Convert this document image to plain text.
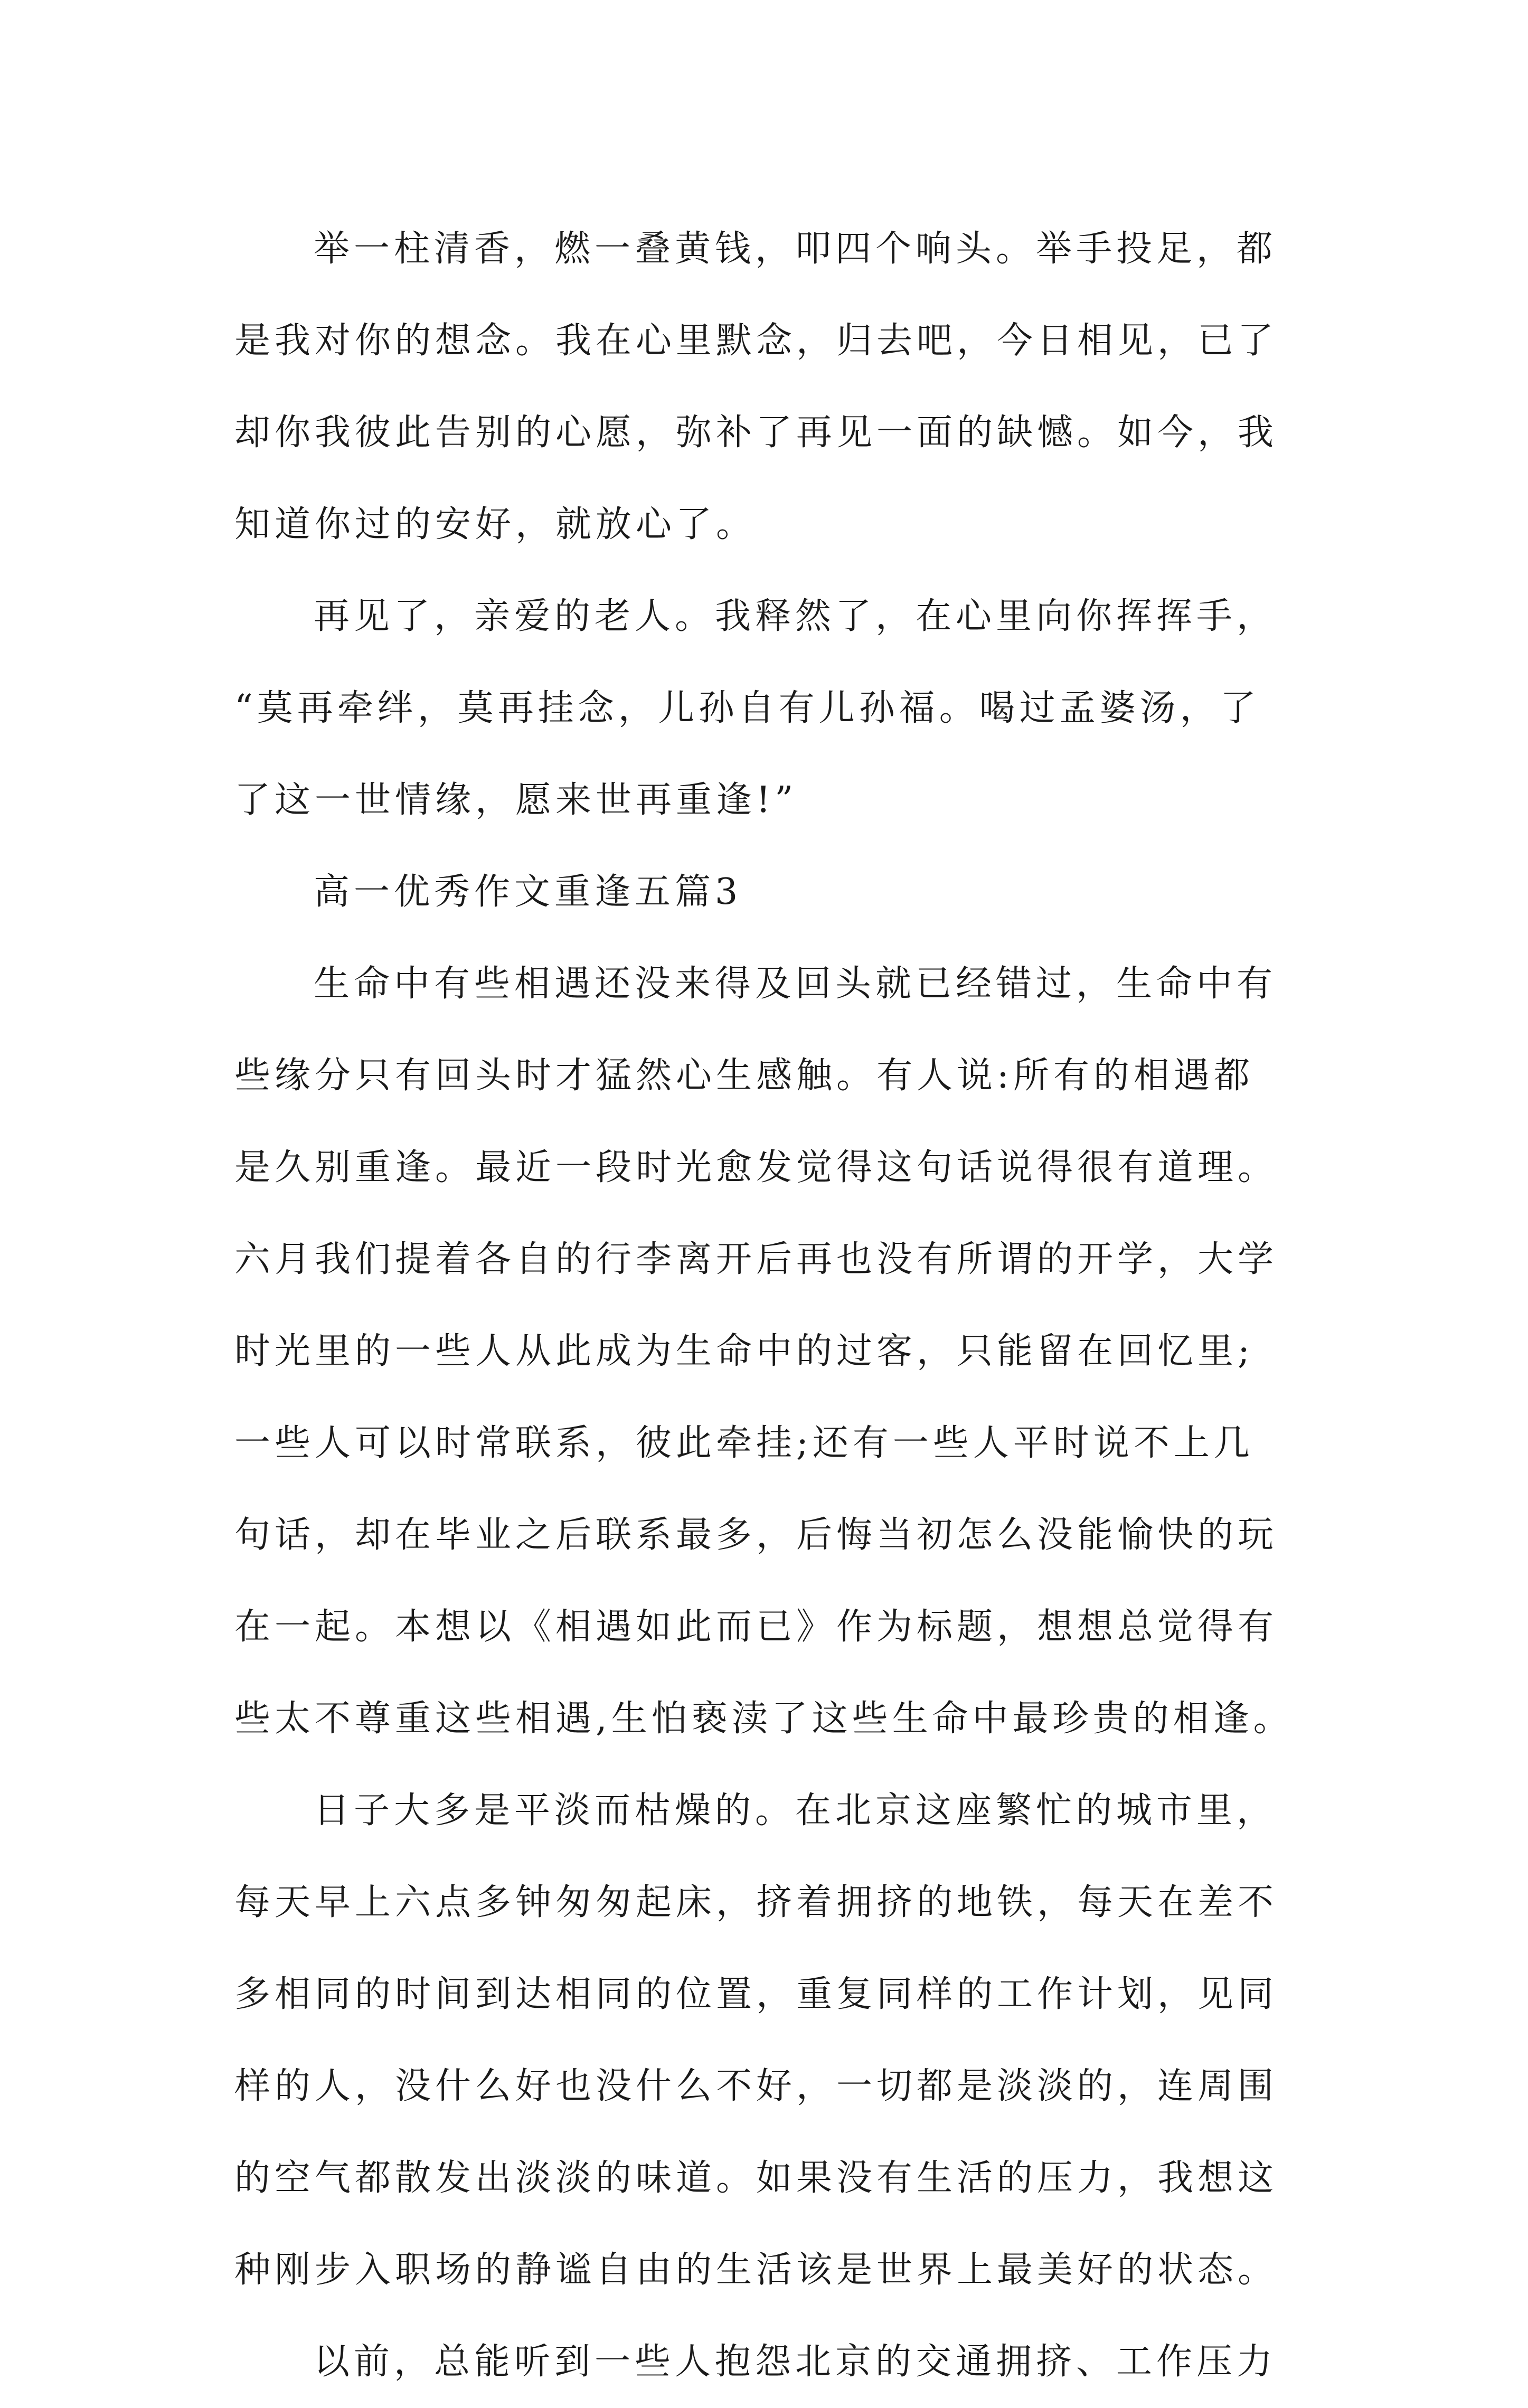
举一柱清香，燃一叠黄钱，叩四个响头。举手投足，都
是我对你的想念。我在心里默念，归去吧，今日相见，已了
却你我彼此告别的心愿，弥补了再见一面的缺憾。如今，我
知道你过的安好，就放心了。
再见了，亲爱的老人。我释然了，在心里向你挥挥手，
“莫再牵绊，莫再挂念，儿孙自有儿孙福。喝过孟婆汤，了
了这一世情缘，愿来世再重逢!”
高一优秀作文重逢五篇3
生命中有些相遇还没来得及回头就已经错过，生命中有
些缘分只有回头时才猛然心生感触。有人说:所有的相遇都
是久别重逢。最近一段时光愈发觉得这句话说得很有道理。
六月我们提着各自的行李离开后再也没有所谓的开学，大学
时光里的一些人从此成为生命中的过客，只能留在回忆里;
一些人可以时常联系，彼此牵挂;还有一些人平时说不上几
句话，却在毕业之后联系最多，后悔当初怎么没能愉快的玩
在一起。本想以《相遇如此而已》作为标题，想想总觉得有
些太不尊重这些相遇,生怕亵渎了这些生命中最珍贵的相逢。
日子大多是平淡而枯燥的。在北京这座繁忙的城市里，
每天早上六点多钟匆匆起床，挤着拥挤的地铁，每天在差不
多相同的时间到达相同的位置，重复同样的工作计划，见同
样的人，没什么好也没什么不好，一切都是淡淡的，连周围
的空气都散发出淡淡的味道。如果没有生活的压力，我想这
种刚步入职场的静谧自由的生活该是世界上最美好的状态。
以前，总能听到一些人抱怨北京的交通拥挤、工作压力
